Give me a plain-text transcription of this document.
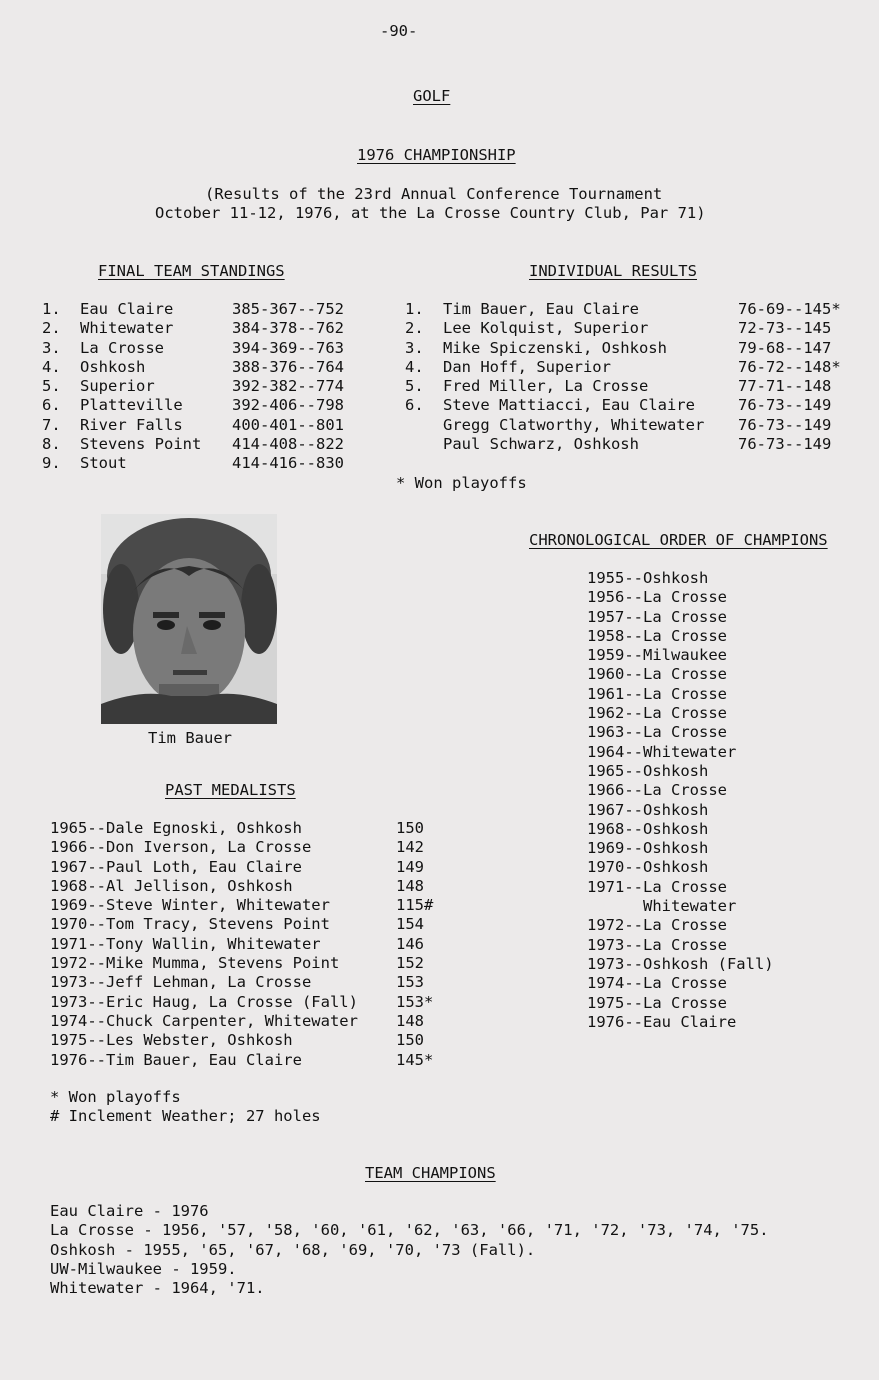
-90-
GOLF
1976 CHAMPIONSHIP
(Results of the 23rd Annual Conference Tournament
October 11-12, 1976, at the La Crosse Country Club, Par 71)
FINAL TEAM STANDINGS
1. Eau Claire	385-367--752
2. Whitewater	384-378--762
3. La Crosse	394-369--763
4. Oshkosh	388-376--764
5. Superior	392-382--774
6. Platteville	392-406--798
7. River Falls	400-401--801
8. Stevens Point 414-408--822
9. Stout	414-416--830
INDIVIDUAL RESULTS
1. Tim Bauer, Eau Claire	76-69--145*
2. Lee Kolquist, Superior	72-73--145
3. Mike Spiczenski, Oshkosh	79-68--147
4. Dan Hoff, Superior	76-72--148*
5. Fred Miller, La Crosse	77-71--148
6. Steve Mattiacci, Eau Claire	76-73--149
Gregg Clatworthy, Whitewater 76-73--149
Paul Schwarz, Oshkosh	76-73--149
* Won playoffs
Tim Bauer
CHRONOLOGICAL ORDER OF CHAMPIONS
1955--Oshkosh
1956--La Crosse
1957--La Crosse
1958--La Crosse
1959--Milwaukee
1960--La Crosse
1961--La Crosse
1962--La Crosse
1963--La Crosse
1964--Whitewater
1965--Oshkosh
1966--La Crosse
1967--Oshkosh
1968--Oshkosh
1969--Oshkosh
1970--Oshkosh
1971--La Crosse
Whitewater
1972--La Crosse
1973--La Crosse
1973--Oshkosh (Fall)
1974--La Crosse
1975--La Crosse
1976--Eau Claire
PAST MEDALISTS
1965--Dale Egnoski, Oshkosh	150
1966--Don Iverson, La Crosse	142
1967--Paul Loth, Eau Claire	149
1968--Al Jellison, Oshkosh	148
1969--Steve Winter, Whitewater	115#
1970--Tom Tracy, Stevens Point	154
1971--Tony Wallin, Whitewater	146
1972--Mike Mumma, Stevens Point	152
1973--Jeff Lehman, La Crosse	153
1973--Eric Haug, La Crosse (Fall) 153*
1974--Chuck Carpenter, Whitewater 148
1975--Les Webster, Oshkosh	150
1976--Tim Bauer, Eau Claire	145*
* Won playoffs
# Inclement Weather; 27 holes
TEAM CHAMPIONS
Eau Claire - 1976
La Crosse - 1956, '57, '58, '60, '61, '62, '63, '66, '71, '72, '73, '74, '75.
Oshkosh - 1955, '65, '67, '68, '69, '70, '73 (Fall).
UW-Milwaukee - 1959.
Whitewater - 1964, '71.
